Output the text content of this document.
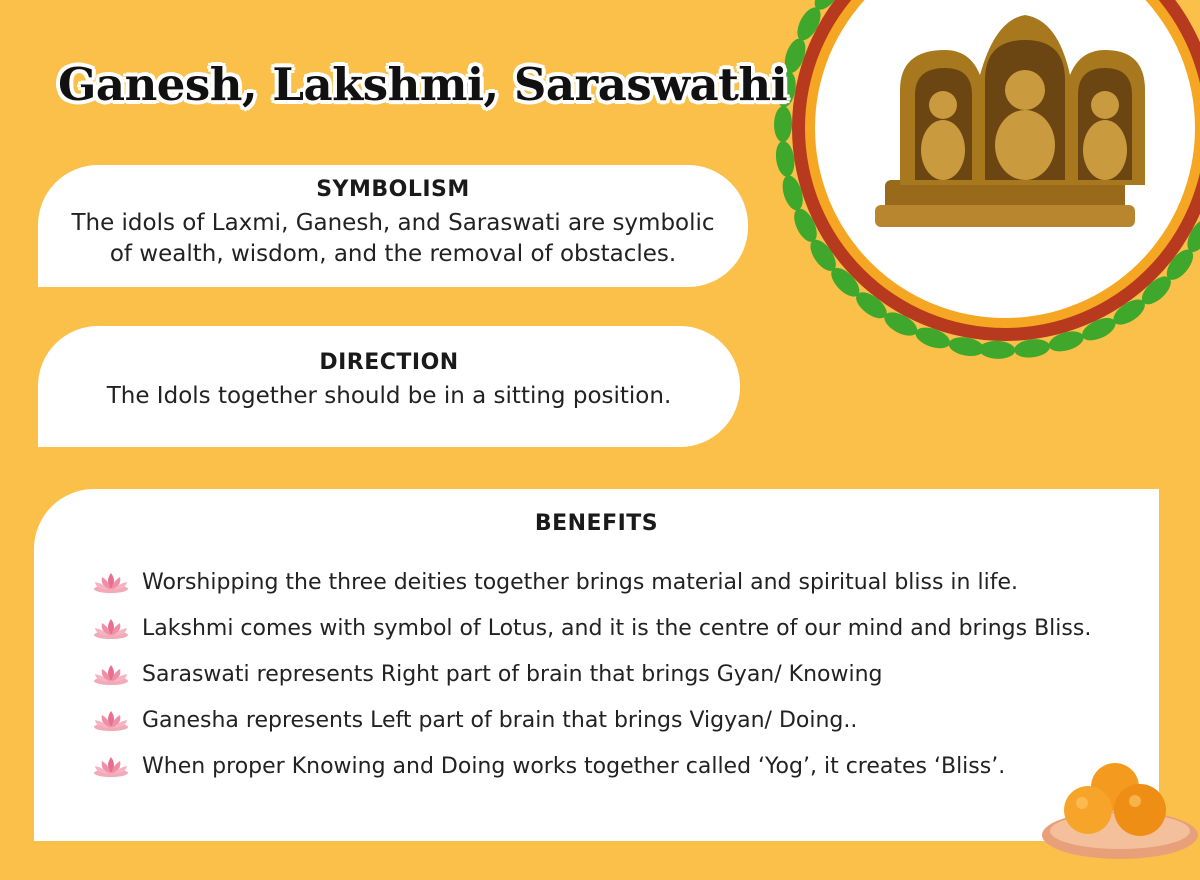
Ganesh, Lakshmi, Saraswathi
SYMBOLISM

The idols of Laxmi, Ganesh, and Saraswati are symbolic
of wealth, wisdom, and the removal of obstacles.

DIRECTION

The Idols together should be in a sitting position.

BENEFITS
Worshipping the three deities together brings material and spiritual bliss in life.
Lakshmi comes with symbol of Lotus, and it is the centre of our mind and brings Bliss.
Saraswati represents Right part of brain that brings Gyan/ Knowing
Ganesha represents Left part of brain that brings Vigyan/ Doing..
When proper Knowing and Doing works together called ‘Yog’, it creates ‘Bliss’.
